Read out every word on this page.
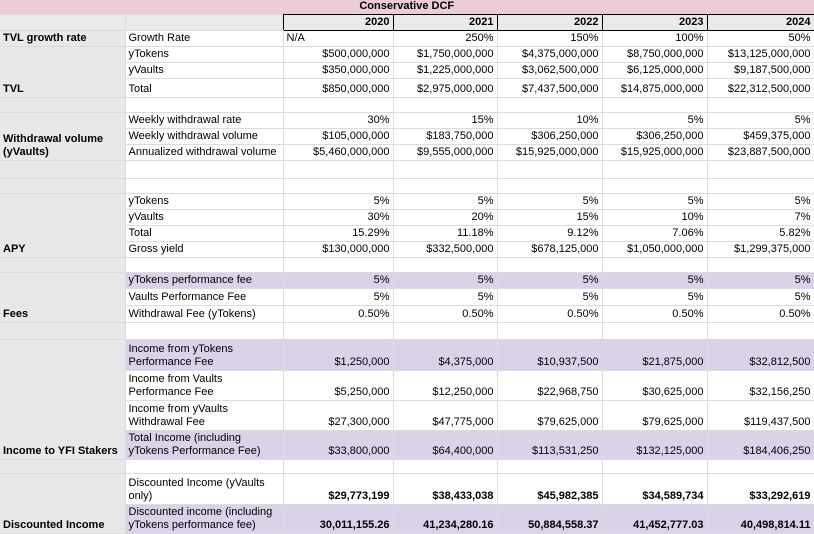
Conservative DCF						
		2020	2021	2022	2023	2024
TVL growth rate	Growth Rate	N/A	250%	150%	100%	50%
TVL	yTokens	$500,000,000	$1,750,000,000	$4,375,000,000	$8,750,000,000	$13,125,000,000
	yVaults	$350,000,000	$1,225,000,000	$3,062,500,000	$6,125,000,000	$9,187,500,000
	Total	$850,000,000	$2,975,000,000	$7,437,500,000	$14,875,000,000	$22,312,500,000

Withdrawal volume (yVaults)	Weekly withdrawal rate	30%	15%	10%	5%	5%
	Weekly withdrawal volume	$105,000,000	$183,750,000	$306,250,000	$306,250,000	$459,375,000
	Annualized withdrawal volume	$5,460,000,000	$9,555,000,000	$15,925,000,000	$15,925,000,000	$23,887,500,000

APY	yTokens	5%	5%	5%	5%	5%
	yVaults	30%	20%	15%	10%	7%
	Total	15.29%	11.18%	9.12%	7.06%	5.82%
	Gross yield	$130,000,000	$332,500,000	$678,125,000	$1,050,000,000	$1,299,375,000

Fees	yTokens performance fee	5%	5%	5%	5%	5%
	Vaults Performance Fee	5%	5%	5%	5%	5%
	Withdrawal Fee (yTokens)	0.50%	0.50%	0.50%	0.50%	0.50%

Income to YFI Stakers	Income from yTokens Performance Fee	$1,250,000	$4,375,000	$10,937,500	$21,875,000	$32,812,500
	Income from Vaults Performance Fee	$5,250,000	$12,250,000	$22,968,750	$30,625,000	$32,156,250
	Income from yVaults Withdrawal Fee	$27,300,000	$47,775,000	$79,625,000	$79,625,000	$119,437,500
	Total Income (including yTokens Performance Fee)	$33,800,000	$64,400,000	$113,531,250	$132,125,000	$184,406,250

Discounted Income	Discounted Income (yVaults only)	$29,773,199	$38,433,038	$45,982,385	$34,589,734	$33,292,619
	Discounted income (including yTokens performance fee)	30,011,155.26	41,234,280.16	50,884,558.37	41,452,777.03	40,498,814.11
